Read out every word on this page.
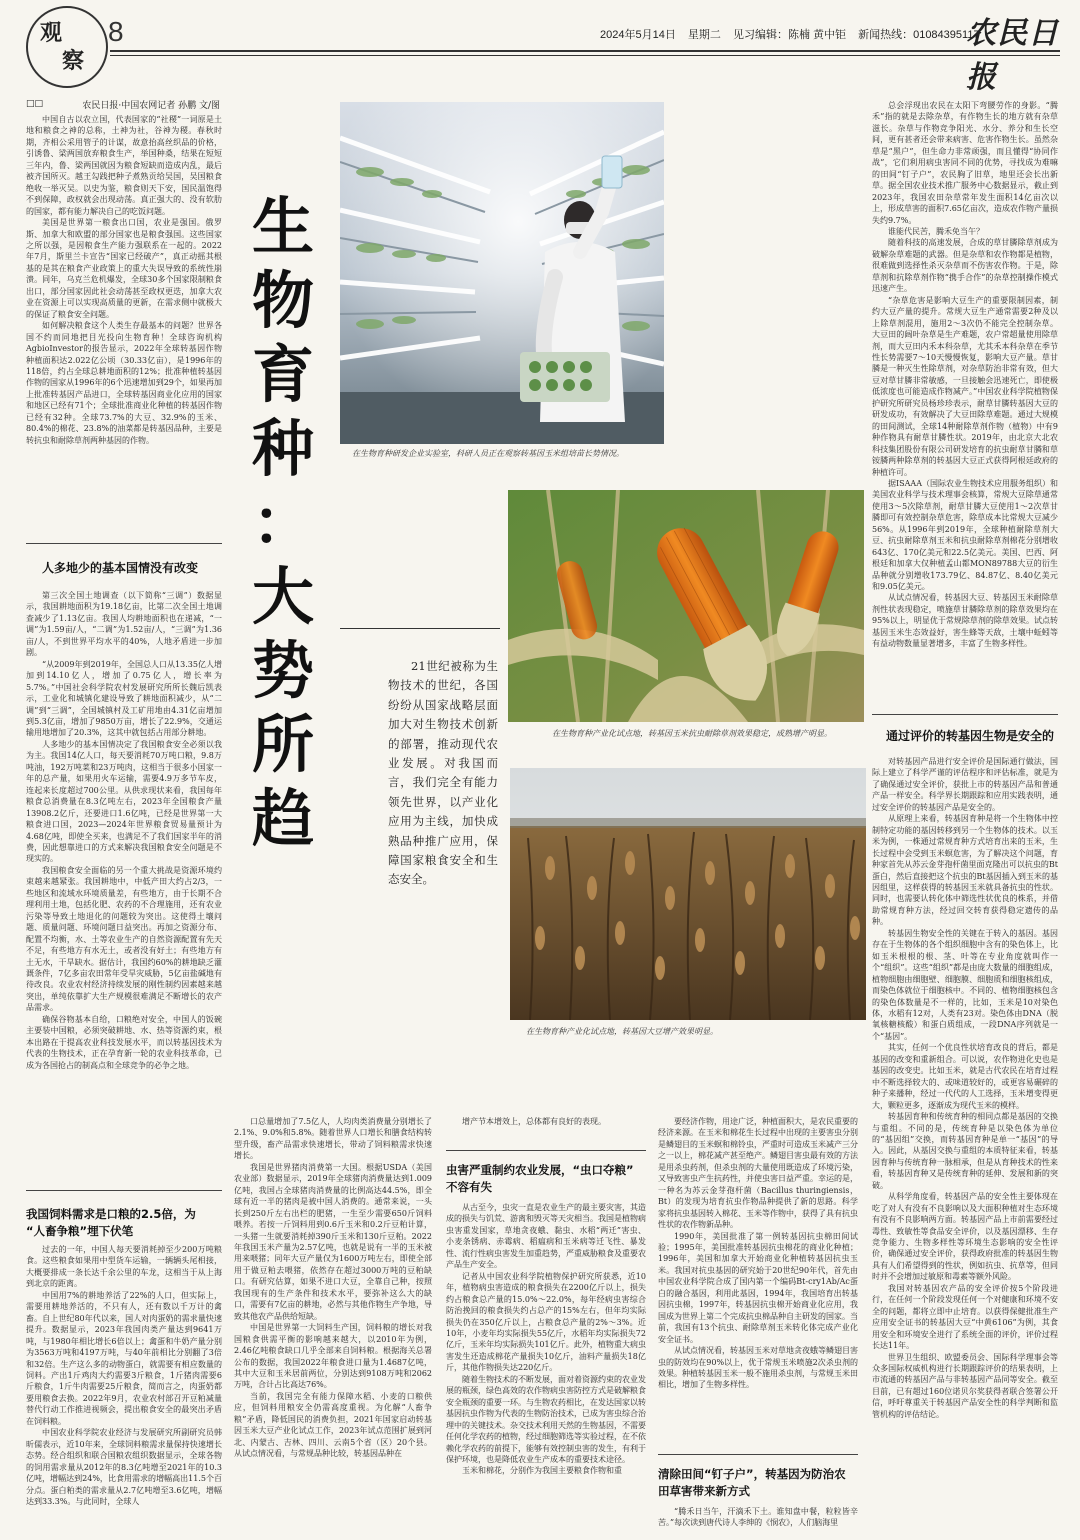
观
察
8	2024年5月14日 星期二 见习编辑：陈楠 黄中钜 新闻热线：01084395117
农民日报
□□	农民日报·中国农网记者 孙鹏 文/图

中国自古以农立国，代表国家的“社稷”一词原是土地和粮食之神的总称，土神为社，谷神为稷。春秋时期，齐相公采用管子的计谋，故意抬高丝织品的价格，引诱鲁、梁两国放弃粮食生产，举国种桑，结果在短短三年内，鲁、梁两国就因为粮食短缺而造成内乱，最后被齐国所灭。越王勾践把种子煮熟贡给吴国，吴国粮食绝收一举灭吴。以史为鉴，粮食则天下安，国民温饱得不到保障，政权就会出现动荡。真正强大的、没有软肋的国家，都有能力解决自己的吃饭问题。

美国是世界第一粮食出口国，农业是强国。俄罗斯、加拿大和欧盟的部分国家也是粮食强国。这些国家之所以强，是因粮食生产能力强联系在一起的。2022年7月，斯里兰卡宣告“国家已经破产”，真正动摇其根基的是其在粮食产业政策上的重大失误导致的系统性崩溃。同年，乌克兰危机爆发，全球30多个国家限制粮食出口，部分国家因此社会动荡甚至政权更迭，加拿大农业在资源上可以实现高质量的更新，在需求侧中就极大的保证了粮食安全问题。

如何解决粮食这个人类生存最基本的问题？世界各国不约而同地把目光投向生物育种！全球咨询机构AgbioInvestor的报告显示，2022年全球转基因作物种植面积达2.022亿公顷（30.33亿亩），是1996年的118倍，约占全球总耕地面积的12%；批准种植转基因作物的国家从1996年的6个迅速增加到29个，如果再加上批准转基因产品进口，全球转基因商业化应用的国家和地区已经有71个；全球批准商业化种植的转基因作物已经有32种。全球73.7%的大豆、32.9%的玉米、80.4%的棉花、23.8%的油菜都是转基因品种，主要是转抗虫和耐除草剂两种基因的作物。

人多地少的基本国情没有改变

第三次全国土地调查（以下简称“三调”）数据显示，我国耕地面积为19.18亿亩，比第二次全国土地调查减少了1.13亿亩。我国人均耕地面积也在递减，“一调”为1.59亩/人，“二调”为1.52亩/人，“三调”为1.36亩/人，不到世界平均水平的40%，人地矛盾进一步加剧。

“从2009年到2019年，全国总人口从13.35亿人增加到14.10亿人，增加了0.75亿人，增长率为5.7%。”中国社会科学院农村发展研究所所长魏后凯表示，工业化和城镇化建设导致了耕地面积减少，从“二调”到“三调”，全国城镇村及工矿用地由4.31亿亩增加到5.3亿亩，增加了9850万亩，增长了22.9%，交通运输用地增加了20.3%，这其中就包括占用部分耕地。

人多地少的基本国情决定了我国粮食安全必须以我为主。我国14亿人口，每天要消耗70万吨口粮，9.8万吨油，192万吨菜和23万吨肉，这相当于很多小国家一年的总产量，如果用火车运输，需要4.9万多节车皮，连起来长度超过700公里。从供求现状来看，我国每年粮食总消费量在8.3亿吨左右，2023年全国粮食产量13908.2亿斤，还要进口1.6亿吨，已经是世界第一大粮食进口国，2023—2024年世界粮食贸易量预计为4.68亿吨，即使全买来，也满足不了我们国家半年的消费，因此想靠进口的方式来解决我国粮食安全问题是不现实的。

我国粮食安全面临的另一个重大挑战是资源环境约束越来越紧张。我国耕地中，中低产田大约占2/3，一些地区和流域水环境质量差，有些地方，由于长期不合理利用土地，包括化肥、农药的不合理施用，还有农业污染等导致土地退化的问题较为突出。这使得土壤问题、质量问题、环境问题日益突出。再加之资源分布、配置不均衡，水、土等农业生产的自然资源配置有先天不足，有些地方有水无土，或者没有好土；有些地方有土无水，干旱缺水。据估计，我国约60%的耕地缺乏灌溉条件，7亿多亩农田常年受旱灾威胁，5亿亩盐碱地有待改良。农业农村经济持续发展的刚性制约因素越来越突出，单纯依靠扩大生产规模很难满足不断增长的农产品需求。

确保谷物基本自给，口粮绝对安全，中国人的饭碗主要装中国粮，必须突破耕地、水、热等资源约束，根本出路在于提高农业科技发展水平，而以转基因技术为代表的生物技术，正在孕育新一轮的农业科技革命，已成为各国抢占的制高点和全球竞争的必争之地。

我国饲料需求是口粮的2.5倍，为
“人畜争粮”埋下伏笔

过去的一年，中国人每天要消耗掉至少200万吨粮食。这些粮食如果用中型货车运输，一辆辆头尾相接，大概要排成一条长达千余公里的车龙，这相当于从上海到北京的距离。

中国用7%的耕地养活了22%的人口，但实际上，需要用耕地养活的，不只有人，还有数以千万计的禽畜。自上世纪80年代以来，国人对肉蛋奶的需求量快速提升。数据显示，2023年我国肉类产量达到9641万吨，与1980年相比增长6倍以上；禽蛋和牛奶产量分别为3563万吨和4197万吨，与40年前相比分别翻了3倍和32倍。生产这么多的动物蛋白，就需要有相应数量的饲料。产出1斤鸡肉大约需要3斤粮食，1斤猪肉需要6斤粮食，1斤牛肉需要25斤粮食，简而言之，肉蛋奶都要用粮食去换。2022年9月，农业农村部召开豆粕减量替代行动工作推进视频会，提出粮食安全的最突出矛盾在饲料粮。

中国农业科学院农业经济与发展研究所副研究员韩昕儒表示，近10年来，全球饲料粮需求量保持快速增长态势。经合组织和联合国粮农组织数据显示，全球各物的饲用需求量从2012年的8.3亿吨增至2021年的10.3亿吨，增幅达到24%，比食用需求的增幅高出11.5个百分点。蛋白粕类的需求量从2.7亿吨增至3.6亿吨，增幅达到33.3%。与此同时，全球人

生
物
育
种
：
大
势
所
趋
21世纪被称为生物技术的世纪，各国纷纷从国家战略层面加大对生物技术创新的部署，推动现代农业发展。对我国而言，我们完全有能力领先世界，以产业化应用为主线，加快成熟品种推广应用，保障国家粮食安全和生态安全。
在生物育种研发企业实验室，科研人员正在观察转基因玉米组培苗长势情况。
在生物育种产业化试点地，转基因玉米抗虫耐除草剂效果稳定，成熟增产明显。
在生物育种产业化试点地，转基因大豆增产效果明显。

口总量增加了7.5亿人，人均肉类消费量分别增长了2.1%、9.0%和5.8%。随着世界人口增长和膳食结构转型升级，畜产品需求快速增长，带动了饲料粮需求快速增长。

我国是世界猪肉消费第一大国。根据USDA（美国农业部）数据显示，2019年全球猪肉消费量达到1.009亿吨，我国占全球猪肉消费量的比例高达44.5%，即全球有近一半的猪肉是被中国人消费的。通常来说，一头长到250斤左右出栏的肥猪，一生至少需要650斤饲料喂养。若按一斤饲料用到0.6斤玉米和0.2斤豆粕计算，一头猪一生就要消耗掉390斤玉米和130斤豆粕。2022年我国玉米产量为2.57亿吨，也就是说有一半的玉米被用来喂猪；同年大豆产量仅为1600万吨左右，即使全部用于做豆粕去喂猪，依然存在超过3000万吨的豆粕缺口。有研究估算，如果不进口大豆，全靠自己种，按照我国现有的生产条件和技术水平，要弥补这么大的缺口，需要有7亿亩的耕地，必然与其他作物生产争地，导致其他农产品供给短缺。

中国是世界第一大饲料生产国，饲料粮的增长对我国粮食供需平衡的影响越来越大，以2010年为例，2.46亿吨粮食缺口几乎全部来自饲料粮。根据海关总署公布的数据，我国2022年粮食进口量为1.4687亿吨，其中大豆和玉米居前两位，分别达到9108万吨和2062万吨，合计占比高达76%。

当前，我国完全有能力保障水稻、小麦的口粮供应，但饲料用粮安全仍需高度重视。为化解“人畜争粮”矛盾，降低国民的消费负担，2021年国家启动转基因玉米大豆产业化试点工作，2023年试点范围扩展到河北、内蒙古、吉林、四川、云南5个省（区）20个县。从试点情况看，与常规品种比较，转基因品种在

增产节本增效上，总体都有良好的表现。

虫害严重制约农业发展，“虫口夺粮”
不容有失

从古至今，虫灾一直是农业生产的最主要灾害，其造成的损失与饥荒、游离和毁灭等天灾相当。我国是植物病虫害重发国家，草地贪夜蛾、黏虫、水稻“两迁”害虫、小麦条锈病、赤霉病、稻瘟病和玉米病等迁飞性、暴发性、流行性病虫害发生加重趋势，严重威胁粮食及重要农产品生产安全。

记者从中国农业科学院植物保护研究所获悉，近10年，植物病虫害造成的粮食损失在2200亿斤以上，损失约占粮食总产量的15.0%～22.0%，每年经病虫害综合防治挽回的粮食损失约占总产的15%左右，但年均实际损失仍在350亿斤以上，占粮食总产量的2%～3%。近10年，小麦年均实际损失55亿斤，水稻年均实际损失72亿斤，玉米年均实际损失101亿斤。此外，植物重大病虫害发生还造成棉花产量损失10亿斤，油料产量损失18亿斤，其他作物损失达220亿斤。

随着生物技术的不断发展，面对着资源约束的农业发展的瓶颈，绿色高效的农作物病虫害防控方式是破解粮食安全瓶颈的重要一环。与生物农药相比，在发达国家以转基因抗虫作物为代表的生物防治技术，已成为害虫综合治理中的关键技术。杂交技术利用天然的生物基因，不需要任何化学农药的植物，经过细胞筛选等实验过程，在不依赖化学农药的前提下，能够有效控制虫害的发生，有利于保护环境，也是降低农业生产成本的重要技术途径。

玉米和棉花，分别作为我国主要粮食作物和重

要经济作物，用途广泛，种植面积大，是农民重要的经济来源。在玉米和棉花生长过程中出现的主要害虫分别是鳞翅目的玉米螟和棉铃虫，严重时可造成玉米减产三分之一以上，棉花减产甚至绝产。鳞翅目害虫最有效的方法是用杀虫药剂，但杀虫剂的大量使用既造成了环境污染，又导致害虫产生抗药性，并使虫害日益严重。幸运的是，一种名为苏云金芽孢杆菌（Bacillus thuringiensis，Bt）的发现为培育抗虫作物品种提供了新的思路。科学家将抗虫基因转入棉花、玉米等作物中，获得了具有抗虫性状的农作物新品种。

1990年，美国批准了第一例转基因抗虫棉田间试验；1995年，美国批准转基因抗虫棉花的商业化种植；1996年，美国和加拿大开始商业化种植转基因抗虫玉米。我国对抗虫基因的研究始于20世纪90年代，首先由中国农业科学院合成了国内第一个编码Bt-cry1Ab/Ac蛋白的融合基因，利用此基因，1994年，我国培育出转基因抗虫棉，1997年，转基因抗虫棉开始商业化应用，我国成为世界上第二个完成抗虫棉品种自主研发的国家。当前，我国有13个抗虫、耐除草剂玉米转化体完成产业化安全证书。

从试点情况看，转基因玉米对草地贪夜蛾等鳞翅目害虫的防效均在90%以上，优于常规玉米喷施2次杀虫剂的效果。种植转基因玉米一般不施用杀虫剂，与常规玉米田相比，增加了生物多样性。

清除田间“钉子户”，转基因为防治农
田草害带来新方式

“腾禾日当午，汗滴禾下土。谁知盘中餐，粒粒皆辛苦。”每次读到唐代诗人李绅的《悯农》，人们脑海里

总会浮现出农民在太阳下弯腰劳作的身影。“腾禾”指的就是去除杂草，有作物生长的地方就有杂草滋长。杂草与作物竞争阳光、水分、养分和生长空间，更有甚者还会带来病害、危害作物生长。虽然杂草是“黑户”，但生命力非常顽强，而且懂得“协同作战”，它们利用病虫害同不同的优势，寻找成为难嘛的田间“钉子户”，农民胸了旧草，地里还会长出新草。据全国农业技术推广服务中心数据显示，截止到2023年，我国农田杂草常年发生面积14亿亩次以上，形成草害的面积7.65亿亩次，造成农作物产量损失约9.7%。

谁能代民苦，腾禾免当午？

随着科技的高速发展，合成的草甘膦除草剂成为破解杂草难题的武器。但是杂草和农作物都是植物，很难做到选择性杀灭杂草而不伤害农作物。于是，除草剂和抗除草剂作物“携手合作”的杂草控制操作模式迅速产生。

“杂草危害是影响大豆生产的重要限制因素，制约大豆产量的提升。常规大豆生产通常需要2种及以上除草剂混用，施用2～3次仍不能完全控制杂草。大豆田的阔叶杂草是生产难题，农户常超量使用除草剂，而大豆田内禾本科杂草，尤其禾本科杂草在季节性长势需要7～10天慢慢恢复，影响大豆产量。草甘膦是一种灭生性除草剂，对杂草防治非常有效，但大豆对草甘膦非常敏感，一旦接触会迅速死亡，即使极低浓度也可能造成作物减产。”中国农业科学院植物保护研究所研究员杨珍珍表示，耐草甘膦转基因大豆的研发成功，有效解决了大豆田除草难题。通过大规模的田间测试，全球14种耐除草剂作物（植物）中有9种作物具有耐草甘膦性状。2019年，由北京大北农科技集团股份有限公司研发培育的抗虫耐草甘膦和草铵膦两种除草剂的转基因大豆正式获得阿根廷政府的种植许可。

据ISAAA（国际农业生物技术应用服务组织）和美国农业科学与技术理事会核算，常规大豆除草通常使用3～5次除草剂，耐草甘膦大豆使用1～2次草甘膦即可有效控制杂草危害，除草成本比常规大豆减少56%。从1996年到2019年，全球种植耐除草剂大豆、抗虫耐除草剂玉米和抗虫耐除草剂棉花分别增收643亿、170亿美元和22.5亿美元。美国、巴西、阿根廷和加拿大仅种植孟山都MON89788大豆的衍生品种就分别增收173.79亿、84.87亿、8.40亿美元和9.05亿美元。

从试点情况看，转基因大豆、转基因玉米耐除草剂性状表现稳定，喷施草甘膦除草剂的除草效果均在95%以上，明显优于常规除草剂的除草效果。试点转基因玉米生态效益好，害生蜂等天敌，土壤中蚯蚓等有益动物数量显著增多，丰富了生物多样性。

通过评价的转基因生物是安全的

对转基因产品进行安全评价是国际通行做法，国际上建立了科学严谨的评估程序和评估标准，就是为了确保通过安全评价，获批上市的转基因产品和普通产品一样安全。科学界长期跟踪和应用实践表明，通过安全评价的转基因产品是安全的。

从原理上来看，转基因育种是将一个生物体中控制特定功能的基因转移到另一个生物体的技术。以玉米为例，一株通过常规育种方式培育出来的玉米，生长过程中会受到玉米螟危害，为了解决这个问题，育种家首先从苏云金芽孢杆菌里面克隆出可以抗虫的Bt蛋白，然后直接把这个抗虫的Bt基因插入到玉米的基因组里，这样获得的转基因玉米就具备抗虫的性状。同时，也需要认转化体中筛选性状优良的株系，并借助常规育种方法，经过回交转育获得稳定遗传的品种。

转基因生物安全性的关键在于转入的基因。基因存在于生物体的各个组织细胞中含有的染色体上，比如玉米根根的根、茎、叶等在专业角度就叫作一个“组织”。这些“组织”都是由庞大数量的细胞组成，植物细胞由细胞壁、细胞膜、细胞质和细胞核组成，而染色体就位于细胞核中。不同的、植物细胞核包含的染色体数量是不一样的，比如，玉米是10对染色体，水稻有12对，人类有23对。染色体由DNA（脱氧核糖核酸）和蛋白质组成，一段DNA序列就是一个“基因”。

其实，任何一个优良性状培育改良的背后，都是基因的改变和重新组合。可以说，农作物进化史也是基因的改变史。比如玉米，就是古代农民在培育过程中不断选择较大的、或味道较好的，或更容易碾碎的种子来播种，经过一代代的人工选择，玉米增变得更大，颗粒更多，逐渐成为现代玉米的模样。

转基因育种和传统育种的相同点都是基因的交换与重组。不同的是，传统育种是以染色体为单位的“基因组”交换，而转基因育种是单一“基因”的导入。因此，从基因交换与重组的本质特征来看，转基因育种与传统育种一脉相承，但是从育种技术的性来看，转基因育种又是传统育种的延伸、发展和新的突破。

从科学角度看，转基因产品的安全性主要体现在吃了对人有没有不良影响以及大面积种植对生态环境有没有不良影响两方面。转基因产品上市前需要经过毒性、致敏性等食品安全评价，以及基因漂移、生存竞争能力、生物多样性等环境生态影响的安全性评价，确保通过安全评价，获得政府批准的转基因生物具有人们希望得到的性状，例如抗虫、抗草等，但同时并不会增加过敏原和毒素等额外风险。

我国对转基因农产品的安全评价按5个阶段进行，在任何一个阶段发现任何一个对健康和环境不安全的问题，都将立即中止培育。以获得保健批准生产应用安全证书的转基因大豆“中黄6106”为例，其食用安全和环境安全进行了系统全面的评价，评价过程长达11年。

世界卫生组织、欧盟委员会、国际科学理事会等众多国际权威机构进行长期跟踪评价的结果表明，上市流通的转基因产品与非转基因产品同等安全。截至目前，已有超过160位诺贝尔奖获得者联合签署公开信，呼吁尊重关于转基因产品安全性的科学判断和监管机构的评估结论。
